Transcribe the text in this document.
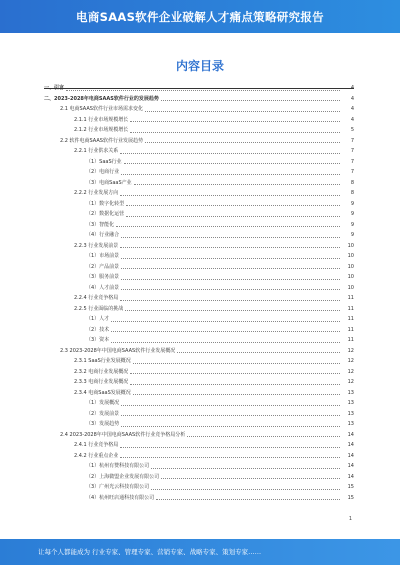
电商SAAS软件企业破解人才痛点策略研究报告
内容目录
一、引言	4
二、2023-2028年电商SAAS软件行业的发展趋势	4
2.1 电商SAAS软件行业市场需求变化	4
2.1.1 行业市场规模增长	4
2.1.2 行业市场规模增长	5
2.2 软件电商SAAS软件行业发展趋势	7
2.2.1 行业供求关系	7
（1）SaaS行业	7
（2）电商行业	7
（3）电商SaaS产业	8
2.2.2 行业发展方向	8
（1）数字化转型	9
（2）数据化运营	9
（3）智能化	9
（4）行业融合	9
2.2.3 行业发展前景	10
（1）市场前景	10
（2）产品前景	10
（3）服务前景	10
（4）人才前景	10
2.2.4 行业竞争格局	11
2.2.5 行业面临的挑战	11
（1）人才	11
（2）技术	11
（3）资本	11
2.3 2023-2028年中国电商SAAS软件行业发展概况	12
2.3.1 SaaS行业发展概况	12
2.3.2 电商行业发展概况	12
2.3.3 电商行业发展概况	12
2.3.4 电商SaaS发展概况	13
（1）发展概况	13
（2）发展前景	13
（3）发展趋势	13
2.4 2023-2028年中国电商SAAS软件行业竞争格局分析	14
2.4.1 行业竞争格局	14
2.4.2 行业重点企业	14
（1）杭州有赞科技有限公司	14
（2）上海微盟企业发展有限公司	14
（3）广州光云科技有限公司	15
（4）杭州旺店通科技有限公司	15
1
让每个人都能成为 行业专家、管理专家、营销专家、战略专家、策划专家……
